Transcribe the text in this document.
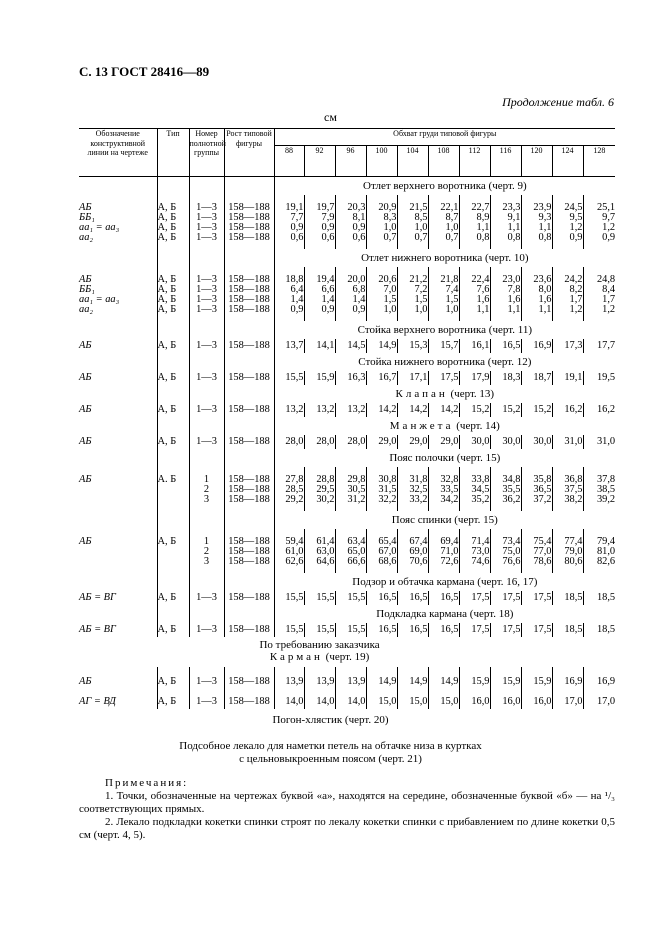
С. 13 ГОСТ 28416—89
Продолжение табл. 6
см
Обозначение конструктивной линии на чертеже	Тип	Номер полнотной группы	Рост типовой фигуры	Обхват груди типовой фигуры										
				88	92	96	100	104	108	112	116	120	124	128
				Отлет верхнего воротника (черт. 9)										

АБ	А, Б	1—3	158—188	19,1	19,7	20,3	20,9	21,5	22,1	22,7	23,3	23,9	24,5	25,1
ББ₁	А, Б	1—3	158—188	7,7	7,9	8,1	8,3	8,5	8,7	8,9	9,1	9,3	9,5	9,7
аа₁ = аа₃	А, Б	1—3	158—188	0,9	0,9	0,9	1,0	1,0	1,0	1,1	1,1	1,1	1,2	1,2
аа₂	А, Б	1—3	158—188	0,6	0,6	0,6	0,7	0,7	0,7	0,8	0,8	0,8	0,9	0,9

				Отлет нижнего воротника (черт. 10)										

АБ	А, Б	1—3	158—188	18,8	19,4	20,0	20,6	21,2	21,8	22,4	23,0	23,6	24,2	24,8
ББ₁	А, Б	1—3	158—188	6,4	6,6	6,8	7,0	7,2	7,4	7,6	7,8	8,0	8,2	8,4
аа₁ = аа₃	А, Б	1—3	158—188	1,4	1,4	1,4	1,5	1,5	1,5	1,6	1,6	1,6	1,7	1,7
аа₂	А, Б	1—3	158—188	0,9	0,9	0,9	1,0	1,0	1,0	1,1	1,1	1,1	1,2	1,2

				Стойка верхнего воротника (черт. 11)										
АБ	А, Б	1—3	158—188	13,7	14,1	14,5	14,9	15,3	15,7	16,1	16,5	16,9	17,3	17,7
				Стойка нижнего воротника (черт. 12)										
АБ	А, Б	1—3	158—188	15,5	15,9	16,3	16,7	17,1	17,5	17,9	18,3	18,7	19,1	19,5
				Клапан (черт. 13)										
АБ	А, Б	1—3	158—188	13,2	13,2	13,2	14,2	14,2	14,2	15,2	15,2	15,2	16,2	16,2
				Манжета (черт. 14)										
АБ	А, Б	1—3	158—188	28,0	28,0	28,0	29,0	29,0	29,0	30,0	30,0	30,0	31,0	31,0
				Пояс полочки (черт. 15)										

АБ	А. Б	1	158—188	27,8	28,8	29,8	30,8	31,8	32,8	33,8	34,8	35,8	36,8	37,8
		2	158—188	28,5	29,5	30,5	31,5	32,5	33,5	34,5	35,5	36,5	37,5	38,5
		3	158—188	29,2	30,2	31,2	32,2	33,2	34,2	35,2	36,2	37,2	38,2	39,2

				Пояс спинки (черт. 15)										

АБ	А, Б	1	158—188	59,4	61,4	63,4	65,4	67,4	69,4	71,4	73,4	75,4	77,4	79,4
		2	158—188	61,0	63,0	65,0	67,0	69,0	71,0	73,0	75,0	77,0	79,0	81,0
		3	158—188	62,6	64,6	66,6	68,6	70,6	72,6	74,6	76,6	78,6	80,6	82,6

				Подзор и обтачка кармана (черт. 16, 17)										
АБ = ВГ	А, Б	1—3	158—188	15,5	15,5	15,5	16,5	16,5	16,5	17,5	17,5	17,5	18,5	18,5
				Подкладка кармана (черт. 18)										
АБ = ВГ	А, Б	1—3	158—188	15,5	15,5	15,5	16,5	16,5	16,5	17,5	17,5	17,5	18,5	18,5
По требованию заказчика														
Карман (черт. 19)														

АБ	А, Б	1—3	158—188	13,9	13,9	13,9	14,9	14,9	14,9	15,9	15,9	15,9	16,9	16,9

АГ = ВД	А, Б	1—3	158—188	14,0	14,0	14,0	15,0	15,0	15,0	16,0	16,0	16,0	17,0	17,0
Погон-хлястик (черт. 20)
Подсобное лекало для наметки петель на обтачке низа в куртках
с цельновыкроенным поясом (черт. 21)
Примечания:
1. Точки, обозначенные на чертежах буквой «а», находятся на середине, обозначенные буквой «б» — на ¹/₃ соответствующих прямых.
2. Лекало подкладки кокетки спинки строят по лекалу кокетки спинки с прибавлением по длине кокетки 0,5 см (черт. 4, 5).
